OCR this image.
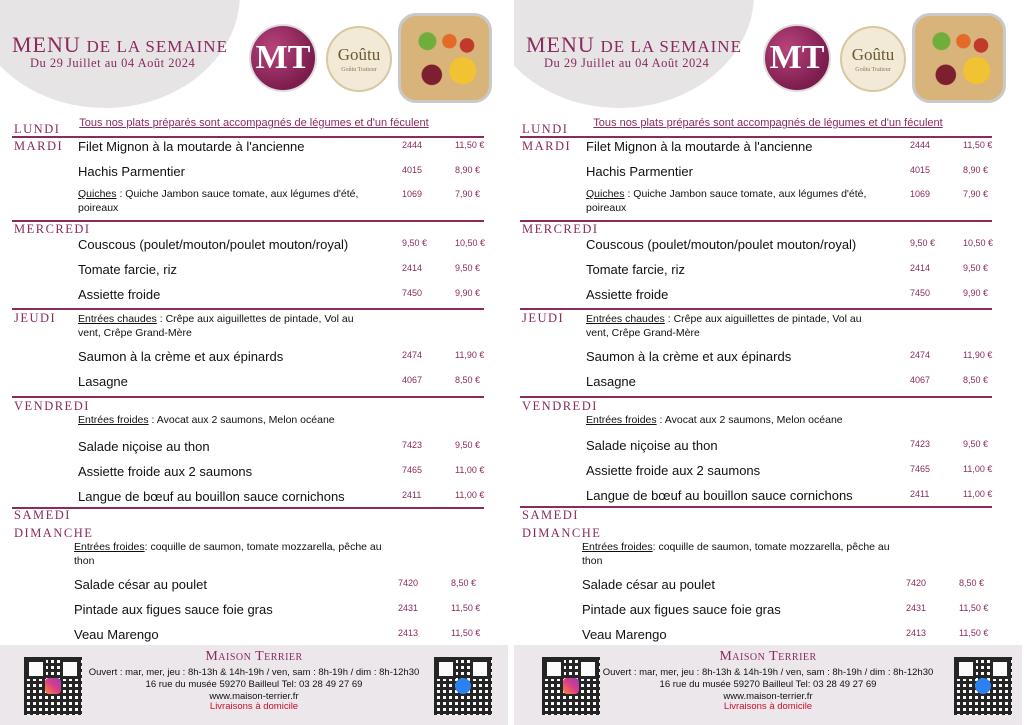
MENU DE LA SEMAINE
Du 29 Juillet au 04 Août 2024 MT	Goûtu
Goûtu Traiteur
Tous nos plats préparés sont accompagnés de légumes et d'un féculent
LUNDI
MARDI Filet Mignon à la moutarde à l'ancienne	2444	11,50 €
Hachis Parmentier	4015	8,90 €
Quiches : Quiche Jambon sauce tomate, aux légumes d'été, poireaux
1069	7,90 €
MERCREDI
Couscous (poulet/mouton/poulet mouton/royal)	9,50 €	10,50 €
Tomate farcie, riz	2414	9,50 €
Assiette froide	7450	9,90 €
JEUDI Entrées chaudes : Crêpe aux aiguillettes de pintade, Vol au vent, Crêpe Grand-Mère
Saumon à la crème et aux épinards	2474	11,90 €
Lasagne	4067	8,50 €
VENDREDI
Entrées froides : Avocat aux 2 saumons, Melon océane
Salade niçoise au thon	7423	9,50 €
Assiette froide aux 2 saumons	7465	11,00 €
Langue de bœuf au bouillon sauce cornichons	2411	11,00 €
SAMEDI
DIMANCHE
Entrées froides: coquille de saumon, tomate mozzarella, pêche au thon
Salade césar au poulet	7420	8,50 €
Pintade aux figues sauce foie gras	2431	11,50 €
Veau Marengo	2413	11,50 €
Maison Terrier
Ouvert : mar, mer, jeu : 8h-13h & 14h-19h / ven, sam : 8h-19h / dim : 8h-12h30
16 rue du musée 59270 Bailleul Tel: 03 28 49 27 69
www.maison-terrier.fr
Livraisons à domicile
MENU DE LA SEMAINE
Du 29 Juillet au 04 Août 2024 MT	Goûtu
Goûtu Traiteur
Tous nos plats préparés sont accompagnés de légumes et d'un féculent
LUNDI
MARDI Filet Mignon à la moutarde à l'ancienne	2444	11,50 €
Hachis Parmentier	4015	8,90 €
Quiches : Quiche Jambon sauce tomate, aux légumes d'été, poireaux
1069	7,90 €
MERCREDI
Couscous (poulet/mouton/poulet mouton/royal)	9,50 €	10,50 €
Tomate farcie, riz	2414	9,50 €
Assiette froide	7450	9,90 €
JEUDI Entrées chaudes : Crêpe aux aiguillettes de pintade, Vol au vent, Crêpe Grand-Mère
Saumon à la crème et aux épinards	2474	11,90 €
Lasagne	4067	8,50 €
VENDREDI
Entrées froides : Avocat aux 2 saumons, Melon océane
Salade niçoise au thon	7423	9,50 €
Assiette froide aux 2 saumons	7465	11,00 €
Langue de bœuf au bouillon sauce cornichons	2411	11,00 €
SAMEDI
DIMANCHE
Entrées froides: coquille de saumon, tomate mozzarella, pêche au thon
Salade césar au poulet	7420	8,50 €
Pintade aux figues sauce foie gras	2431	11,50 €
Veau Marengo	2413	11,50 €
Maison Terrier
Ouvert : mar, mer, jeu : 8h-13h & 14h-19h / ven, sam : 8h-19h / dim : 8h-12h30
16 rue du musée 59270 Bailleul Tel: 03 28 49 27 69
www.maison-terrier.fr
Livraisons à domicile
